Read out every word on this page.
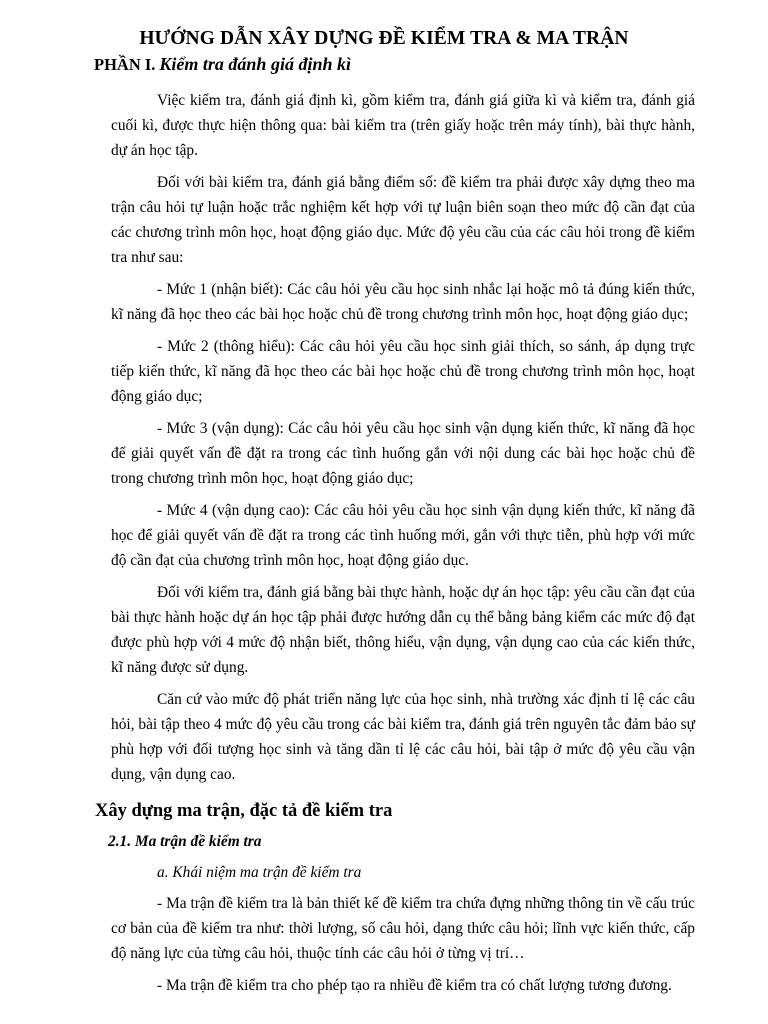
HƯỚNG DẪN XÂY DỰNG ĐỀ KIỂM TRA & MA TRẬN
PHẦN I. Kiểm tra đánh giá định kì

Việc kiểm tra, đánh giá định kì, gồm kiểm tra, đánh giá giữa kì và kiểm tra, đánh giá cuối kì, được thực hiện thông qua: bài kiểm tra (trên giấy hoặc trên máy tính), bài thực hành, dự án học tập.

Đối với bài kiểm tra, đánh giá bằng điểm số: đề kiểm tra phải được xây dựng theo ma trận câu hỏi tự luận hoặc trắc nghiệm kết hợp với tự luận biên soạn theo mức độ cần đạt của các chương trình môn học, hoạt động giáo dục. Mức độ yêu cầu của các câu hỏi trong đề kiểm tra như sau:

- Mức 1 (nhận biết): Các câu hỏi yêu cầu học sinh nhắc lại hoặc mô tả đúng kiến thức, kĩ năng đã học theo các bài học hoặc chủ đề trong chương trình môn học, hoạt động giáo dục;

- Mức 2 (thông hiểu): Các câu hỏi yêu cầu học sinh giải thích, so sánh, áp dụng trực tiếp kiến thức, kĩ năng đã học theo các bài học hoặc chủ đề trong chương trình môn học, hoạt động giáo dục;

- Mức 3 (vận dụng): Các câu hỏi yêu cầu học sinh vận dụng kiến thức, kĩ năng đã học để giải quyết vấn đề đặt ra trong các tình huống gắn với nội dung các bài học hoặc chủ đề trong chương trình môn học, hoạt động giáo dục;

- Mức 4 (vận dụng cao): Các câu hỏi yêu cầu học sinh vận dụng kiến thức, kĩ năng đã học để giải quyết vấn đề đặt ra trong các tình huống mới, gắn với thực tiễn, phù hợp với mức độ cần đạt của chương trình môn học, hoạt động giáo dục.

Đối với kiểm tra, đánh giá bằng bài thực hành, hoặc dự án học tập: yêu cầu cần đạt của bài thực hành hoặc dự án học tập phải được hướng dẫn cụ thể bằng bảng kiểm các mức độ đạt được phù hợp với 4 mức độ nhận biết, thông hiểu, vận dụng, vận dụng cao của các kiến thức, kĩ năng được sử dụng.

Căn cứ vào mức độ phát triển năng lực của học sinh, nhà trường xác định tỉ lệ các câu hỏi, bài tập theo 4 mức độ yêu cầu trong các bài kiểm tra, đánh giá trên nguyên tắc đảm bảo sự phù hợp với đối tượng học sinh và tăng dần tỉ lệ các câu hỏi, bài tập ở mức độ yêu cầu vận dụng, vận dụng cao.

Xây dựng ma trận, đặc tả đề kiểm tra
2.1. Ma trận đề kiểm tra
a. Khái niệm ma trận đề kiểm tra

- Ma trận đề kiểm tra là bản thiết kế đề kiểm tra chứa đựng những thông tin về cấu trúc cơ bản của đề kiểm tra như: thời lượng, số câu hỏi, dạng thức câu hỏi; lĩnh vực kiến thức, cấp độ năng lực của từng câu hỏi, thuộc tính các câu hỏi ở từng vị trí…

- Ma trận đề kiểm tra cho phép tạo ra nhiều đề kiểm tra có chất lượng tương đương.
